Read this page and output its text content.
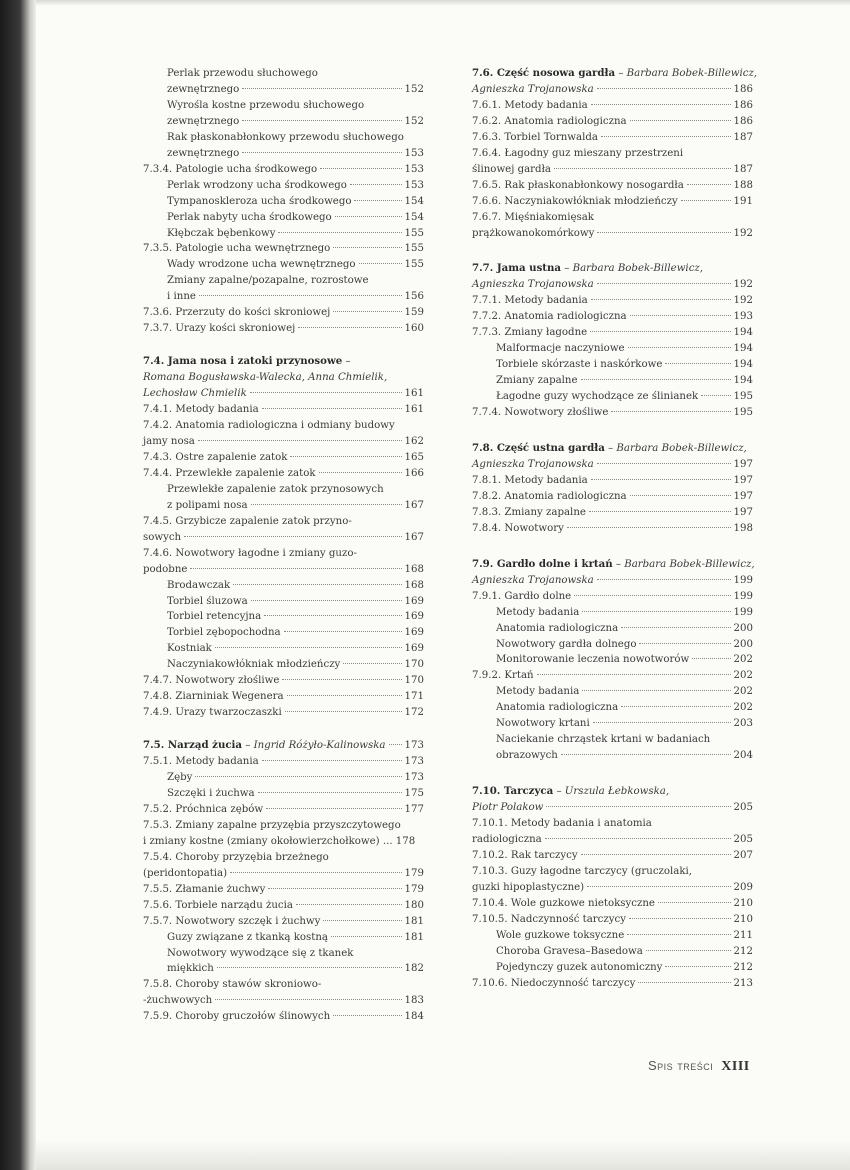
Perlak przewodu słuchowego
zewnętrznego	152
Wyrośla kostne przewodu słuchowego
zewnętrznego	152
Rak płaskonabłonkowy przewodu słuchowego
zewnętrznego	153
7.3.4. Patologie ucha środkowego	153
Perlak wrodzony ucha środkowego	153
Tympanoskleroza ucha środkowego	154
Perlak nabyty ucha środkowego	154
Kłębczak bębenkowy	155
7.3.5. Patologie ucha wewnętrznego	155
Wady wrodzone ucha wewnętrznego	155
Zmiany zapalne/pozapalne, rozrostowe
i inne	156
7.3.6. Przerzuty do kości skroniowej	159
7.3.7. Urazy kości skroniowej	160
7.4. Jama nosa i zatoki przynosowe –
Romana Bogusławska-Walecka, Anna Chmielik,
Lechosław Chmielik	161
7.4.1. Metody badania	161
7.4.2. Anatomia radiologiczna i odmiany budowy
jamy nosa	162
7.4.3. Ostre zapalenie zatok	165
7.4.4. Przewlekłe zapalenie zatok	166
Przewlekłe zapalenie zatok przynosowych
z polipami nosa	167
7.4.5. Grzybicze zapalenie zatok przyno-
sowych	167
7.4.6. Nowotwory łagodne i zmiany guzo-
podobne	168
Brodawczak	168
Torbiel śluzowa	169
Torbiel retencyjna	169
Torbiel zębopochodna	169
Kostniak	169
Naczyniakowłókniak młodzieńczy	170
7.4.7. Nowotwory złośliwe	170
7.4.8. Ziarniniak Wegenera	171
7.4.9. Urazy twarzoczaszki	172
7.5. Narząd żucia – Ingrid Różyło-Kalinowska 173
7.5.1. Metody badania	173
Zęby	173
Szczęki i żuchwa	175
7.5.2. Próchnica zębów	177
7.5.3. Zmiany zapalne przyzębia przyszczytowego
i zmiany kostne (zmiany okołowierzchołkowe) ... 178
7.5.4. Choroby przyzębia brzeżnego
(peridontopatia)	179
7.5.5. Złamanie żuchwy	179
7.5.6. Torbiele narządu żucia	180
7.5.7. Nowotwory szczęk i żuchwy	181
Guzy związane z tkanką kostną	181
Nowotwory wywodzące się z tkanek
miękkich	182
7.5.8. Choroby stawów skroniowo-
-żuchwowych	183
7.5.9. Choroby gruczołów ślinowych	184
7.6. Część nosowa gardła – Barbara Bobek-Billewicz,
Agnieszka Trojanowska	186
7.6.1. Metody badania	186
7.6.2. Anatomia radiologiczna	186
7.6.3. Torbiel Tornwalda	187
7.6.4. Łagodny guz mieszany przestrzeni
ślinowej gardła	187
7.6.5. Rak płaskonabłonkowy nosogardła	188
7.6.6. Naczyniakowłókniak młodzieńczy	191
7.6.7. Mięśniakomięsak
prążkowanokomórkowy	192
7.7. Jama ustna – Barbara Bobek-Billewicz,
Agnieszka Trojanowska	192
7.7.1. Metody badania	192
7.7.2. Anatomia radiologiczna	193
7.7.3. Zmiany łagodne	194
Malformacje naczyniowe	194
Torbiele skórzaste i naskórkowe	194
Zmiany zapalne	194
Łagodne guzy wychodzące ze ślinianek	195
7.7.4. Nowotwory złośliwe	195
7.8. Część ustna gardła – Barbara Bobek-Billewicz,
Agnieszka Trojanowska	197
7.8.1. Metody badania	197
7.8.2. Anatomia radiologiczna	197
7.8.3. Zmiany zapalne	197
7.8.4. Nowotwory	198
7.9. Gardło dolne i krtań – Barbara Bobek-Billewicz,
Agnieszka Trojanowska	199
7.9.1. Gardło dolne	199
Metody badania	199
Anatomia radiologiczna	200
Nowotwory gardła dolnego	200
Monitorowanie leczenia nowotworów	202
7.9.2. Krtań	202
Metody badania	202
Anatomia radiologiczna	202
Nowotwory krtani	203
Naciekanie chrząstek krtani w badaniach
obrazowych	204
7.10. Tarczyca – Urszula Łebkowska,
Piotr Polakow	205
7.10.1. Metody badania i anatomia
radiologiczna	205
7.10.2. Rak tarczycy	207
7.10.3. Guzy łagodne tarczycy (gruczolaki,
guzki hipoplastyczne)	209
7.10.4. Wole guzkowe nietoksyczne	210
7.10.5. Nadczynność tarczycy	210
Wole guzkowe toksyczne	211
Choroba Gravesa–Basedowa	212
Pojedynczy guzek autonomiczny	212
7.10.6. Niedoczynność tarczycy	213
Spis treści XIII
